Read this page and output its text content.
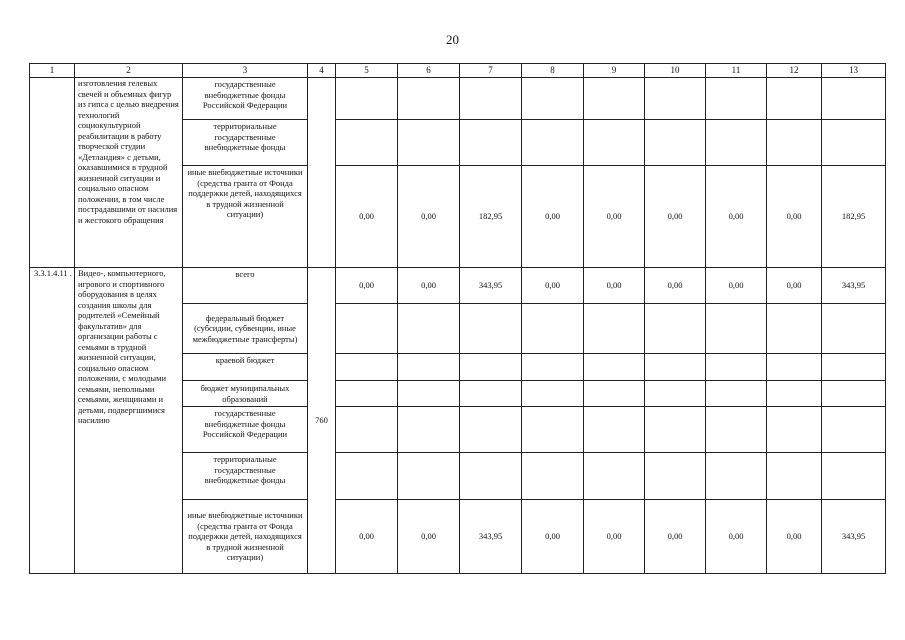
20
1	2	3	4	5	6	7	8	9	10	11	12	13
	изготовления гелевых свечей и объемных фигур из гипса с целью внедрения технологий социокультурной реабилитации в работу творческой студии «Детландия» с детьми, оказавшимися в трудной жизненной ситуации и социально опасном положении, в том числе пострадавшими от насилия и жестокого обращения	государственные внебюджетные фонды Российской Федерации										
		территориальные государственные внебюджетные фонды										
		иные внебюджетные источники (средства гранта от Фонда поддержки детей, находящихся в трудной жизненной ситуации)		0,00	0,00	182,95	0,00	0,00	0,00	0,00	0,00	182,95
3.3.1.4.11 .	Видео-, компьютерного, игрового и спортивного оборудования в целях создания школы для родителей «Семейный факультатив» для организации работы с семьями в трудной жизненной ситуации, социально опасном положении, с молодыми семьями, неполными семьями, женщинами и детьми, подвергшимися насилию	всего	760	0,00	0,00	343,95	0,00	0,00	0,00	0,00	0,00	343,95
		федеральный бюджет (субсидии, субвенции, иные межбюджетные трансферты)										
		краевой бюджет										
		бюджет муниципальных образований										
		государственные внебюджетные фонды Российской Федерации										
		территориальные государственные внебюджетные фонды										
		иные внебюджетные источники (средства гранта от Фонда поддержки детей, находящихся в трудной жизненной ситуации)		0,00	0,00	343,95	0,00	0,00	0,00	0,00	0,00	343,95
